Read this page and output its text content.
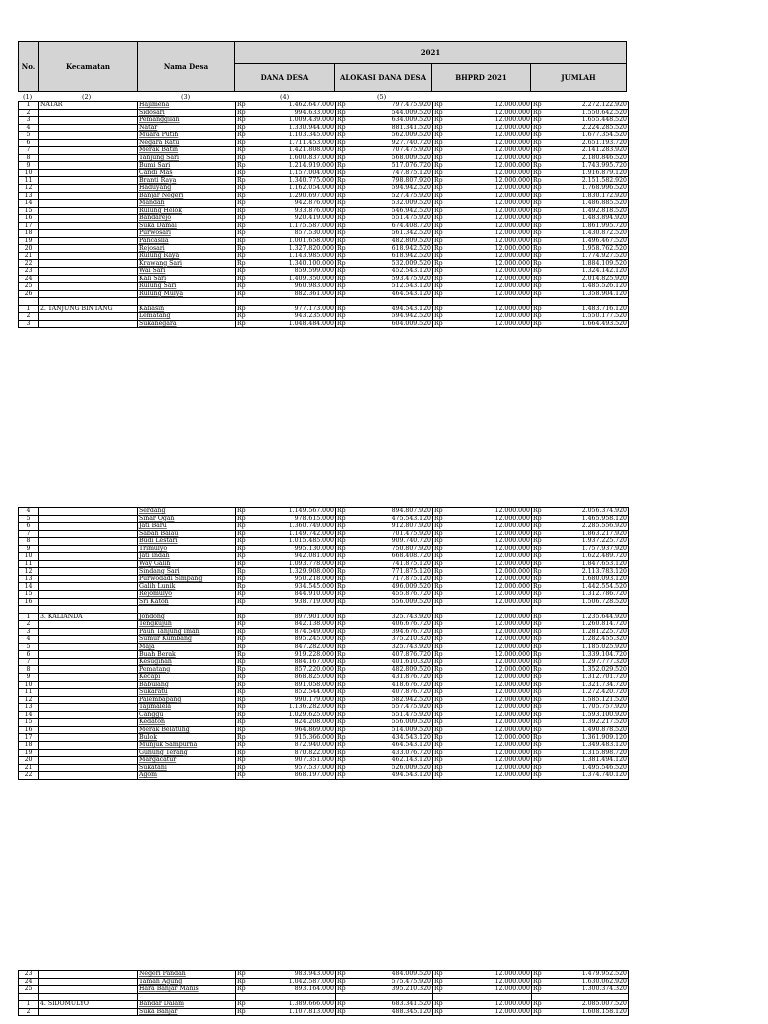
No.	Kecamatan	Nama Desa
2021
DANA DESA	ALOKASI DANA DESA	BHPRD 2021	JUMLAH
(1)	(2)	(3)	(4)	(5)
1	NATAR	Hajimena	Rp	1.462.647.000	Rp	797.475.920	Rp	12.000.000	Rp	2.272.122.920
2		Sidosari	Rp	994.633.000	Rp	544.009.520	Rp	12.000.000	Rp	1.550.642.520
3		Pemanggilan	Rp	1.009.439.000	Rp	634.009.520	Rp	12.000.000	Rp	1.655.448.520
4		Natar	Rp	1.330.944.000	Rp	881.341.520	Rp	12.000.000	Rp	2.224.285.520
5		Muara Putih	Rp	1.103.345.000	Rp	562.009.520	Rp	12.000.000	Rp	1.677.354.520
6		Negara Ratu	Rp	1.711.453.000	Rp	927.740.720	Rp	12.000.000	Rp	2.651.193.720
7		Merak Batin	Rp	1.421.808.000	Rp	707.475.920	Rp	12.000.000	Rp	2.141.283.920
8		Tanjung Sari	Rp	1.600.837.000	Rp	568.009.520	Rp	12.000.000	Rp	2.180.846.520
9		Bumi Sari	Rp	1.214.919.000	Rp	517.076.720	Rp	12.000.000	Rp	1.743.995.720
10		Candi Mas	Rp	1.157.004.000	Rp	747.875.120	Rp	12.000.000	Rp	1.916.879.120
11		Branti Raya	Rp	1.340.775.000	Rp	798.807.920	Rp	12.000.000	Rp	2.151.582.920
12		Haduyang	Rp	1.162.054.000	Rp	594.942.520	Rp	12.000.000	Rp	1.768.996.520
13		Banjar Negeri	Rp	1.290.697.000	Rp	527.475.920	Rp	12.000.000	Rp	1.830.172.920
14		Mandah	Rp	942.876.000	Rp	532.009.520	Rp	12.000.000	Rp	1.486.885.520
15		Rulung Helok	Rp	933.876.000	Rp	546.942.520	Rp	12.000.000	Rp	1.492.818.520
16		Bandarejo	Rp	920.419.000	Rp	551.475.920	Rp	12.000.000	Rp	1.483.894.920
17		Suka Damai	Rp	1.175.587.000	Rp	674.408.720	Rp	12.000.000	Rp	1.861.995.720
18		Purwosari	Rp	857.530.000	Rp	561.342.520	Rp	12.000.000	Rp	1.430.872.520
19		Pancasila	Rp	1.001.658.000	Rp	482.809.520	Rp	12.000.000	Rp	1.496.467.520
20		Rejosari	Rp	1.327.820.000	Rp	618.942.520	Rp	12.000.000	Rp	1.958.762.520
21		Rulung Raya	Rp	1.143.985.000	Rp	618.942.520	Rp	12.000.000	Rp	1.774.927.520
22		Krawang Sari	Rp	1.340.100.000	Rp	532.009.520	Rp	12.000.000	Rp	1.884.109.520
23		Wai Sari	Rp	859.599.000	Rp	452.543.120	Rp	12.000.000	Rp	1.324.142.120
24		Kali Sari	Rp	1.409.350.000	Rp	593.475.920	Rp	12.000.000	Rp	2.014.825.920
25		Rulung Sari	Rp	960.983.000	Rp	512.543.120	Rp	12.000.000	Rp	1.485.526.120
26		Rulung Mulya	Rp	882.361.000	Rp	464.543.120	Rp	12.000.000	Rp	1.358.904.120

1	2. TANJUNG BINTANG	Kaliasin	Rp	977.173.000	Rp	494.543.120	Rp	12.000.000	Rp	1.483.716.120
2		Lematang	Rp	943.235.000	Rp	594.942.520	Rp	12.000.000	Rp	1.550.177.520
3		Sukanegara	Rp	1.048.484.000	Rp	604.009.520	Rp	12.000.000	Rp	1.664.493.520
4		Serdang	Rp	1.149.567.000	Rp	894.807.920	Rp	12.000.000	Rp	2.056.374.920
5		Sinar Ogan	Rp	978.615.000	Rp	475.543.120	Rp	12.000.000	Rp	1.465.958.120
6		Jati Baru	Rp	1.360.749.000	Rp	912.807.920	Rp	12.000.000	Rp	2.285.556.920
7		Sabah Balau	Rp	1.149.742.000	Rp	701.475.920	Rp	12.000.000	Rp	1.863.217.920
8		Budi Lestari	Rp	1.015.485.000	Rp	909.740.720	Rp	12.000.000	Rp	1.937.225.720
9		Trimulyo	Rp	995.130.000	Rp	750.807.920	Rp	12.000.000	Rp	1.757.937.920
10		Jati Indah	Rp	942.081.000	Rp	668.408.720	Rp	12.000.000	Rp	1.622.489.720
11		Way Galih	Rp	1.093.778.000	Rp	741.875.120	Rp	12.000.000	Rp	1.847.653.120
12		Sindang Sari	Rp	1.329.908.000	Rp	771.875.120	Rp	12.000.000	Rp	2.113.783.120
13		Purwodadi Simpang	Rp	950.218.000	Rp	717.875.120	Rp	12.000.000	Rp	1.680.093.120
14		Galih Lunik	Rp	934.545.000	Rp	496.009.520	Rp	12.000.000	Rp	1.442.554.520
15		Rejomulyo	Rp	844.910.000	Rp	455.876.720	Rp	12.000.000	Rp	1.312.786.720
16		Sri Katon	Rp	938.719.000	Rp	556.009.520	Rp	12.000.000	Rp	1.506.728.520

1	3. KALIANDA	Jondong	Rp	897.901.000	Rp	325.743.920	Rp	12.000.000	Rp	1.235.644.920
2		Tengkujuh	Rp	842.138.000	Rp	406.676.720	Rp	12.000.000	Rp	1.260.814.720
3		Pauh Tanjung Iman	Rp	874.549.000	Rp	394.676.720	Rp	12.000.000	Rp	1.281.225.720
4		Sumur Kumbang	Rp	895.245.000	Rp	375.210.320	Rp	12.000.000	Rp	1.282.455.320
5		Maja	Rp	847.282.000	Rp	325.743.920	Rp	12.000.000	Rp	1.185.025.920
6		Buah Berak	Rp	919.228.000	Rp	407.876.720	Rp	12.000.000	Rp	1.339.104.720
7		Kesugihan	Rp	884.167.000	Rp	401.610.320	Rp	12.000.000	Rp	1.297.777.320
8		Pematang	Rp	857.220.000	Rp	482.809.520	Rp	12.000.000	Rp	1.352.029.520
9		Kecapi	Rp	868.825.000	Rp	431.876.720	Rp	12.000.000	Rp	1.312.701.720
10		Babulang	Rp	891.058.000	Rp	418.676.720	Rp	12.000.000	Rp	1.321.734.720
11		Sukaratu	Rp	852.544.000	Rp	407.876.720	Rp	12.000.000	Rp	1.272.420.720
12		Palembapang	Rp	990.179.000	Rp	582.942.520	Rp	12.000.000	Rp	1.585.121.520
13		Tajimalela	Rp	1.136.282.000	Rp	557.475.920	Rp	12.000.000	Rp	1.705.757.920
14		Canggu	Rp	1.029.625.000	Rp	551.475.920	Rp	12.000.000	Rp	1.593.100.920
15		Kedaton	Rp	824.208.000	Rp	556.009.520	Rp	12.000.000	Rp	1.392.217.520
16		Merak Belatung	Rp	964.869.000	Rp	514.009.520	Rp	12.000.000	Rp	1.490.878.520
17		Bulok	Rp	915.366.000	Rp	434.543.120	Rp	12.000.000	Rp	1.361.909.120
18		Munjuk Sampurna	Rp	872.940.000	Rp	464.543.120	Rp	12.000.000	Rp	1.349.483.120
19		Gunung Terang	Rp	870.822.000	Rp	433.076.720	Rp	12.000.000	Rp	1.315.898.720
20		Margacatur	Rp	907.351.000	Rp	462.143.120	Rp	12.000.000	Rp	1.381.494.120
21		Sukatani	Rp	957.537.000	Rp	526.009.520	Rp	12.000.000	Rp	1.495.546.520
22		Agom	Rp	868.197.000	Rp	494.543.120	Rp	12.000.000	Rp	1.374.740.120
23		Negeri Pandan	Rp	983.943.000	Rp	484.009.520	Rp	12.000.000	Rp	1.479.952.520
24		Taman Agung	Rp	1.042.587.000	Rp	575.475.920	Rp	12.000.000	Rp	1.630.062.920
25		Hara Banjar Manis	Rp	893.164.000	Rp	395.210.320	Rp	12.000.000	Rp	1.300.374.320

1	4. SIDOMULYO	Bandar Dalam	Rp	1.389.666.000	Rp	683.341.520	Rp	12.000.000	Rp	2.085.007.520
2		Suka Banjar	Rp	1.107.813.000	Rp	488.345.120	Rp	12.000.000	Rp	1.608.158.120
